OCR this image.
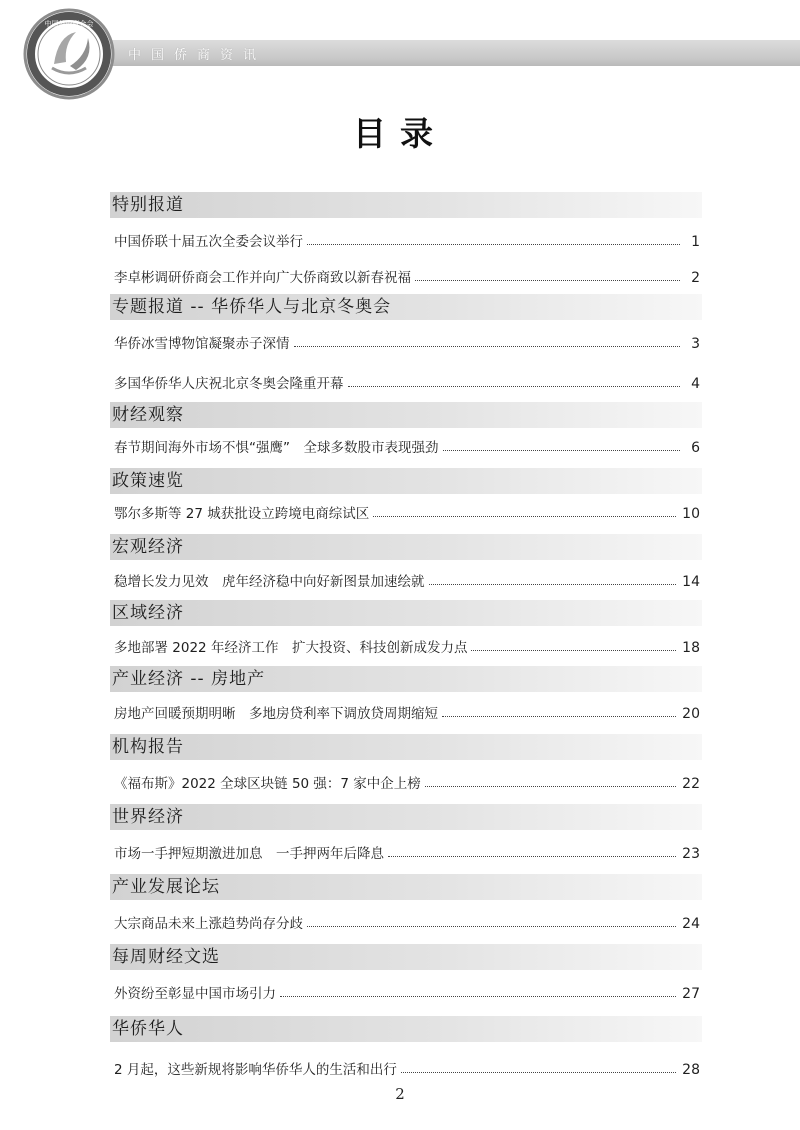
中国侨商联合会
中国侨商资讯
目录
特别报道
中国侨联十届五次全委会议举行	1
李卓彬调研侨商会工作并向广大侨商致以新春祝福	2
专题报道 -- 华侨华人与北京冬奥会
华侨冰雪博物馆凝聚赤子深情	3
多国华侨华人庆祝北京冬奥会隆重开幕	4
财经观察
春节期间海外市场不惧“强鹰”　全球多数股市表现强劲	6
政策速览
鄂尔多斯等 27 城获批设立跨境电商综试区	10
宏观经济
稳增长发力见效　虎年经济稳中向好新图景加速绘就	14
区域经济
多地部署 2022 年经济工作　扩大投资、科技创新成发力点	18
产业经济 -- 房地产
房地产回暖预期明晰　多地房贷利率下调放贷周期缩短	20
机构报告
《福布斯》2022 全球区块链 50 强：7 家中企上榜	22
世界经济
市场一手押短期激进加息　一手押两年后降息	23
产业发展论坛
大宗商品未来上涨趋势尚存分歧	24
每周财经文选
外资纷至彰显中国市场引力	27
华侨华人
2 月起，这些新规将影响华侨华人的生活和出行	28
2
